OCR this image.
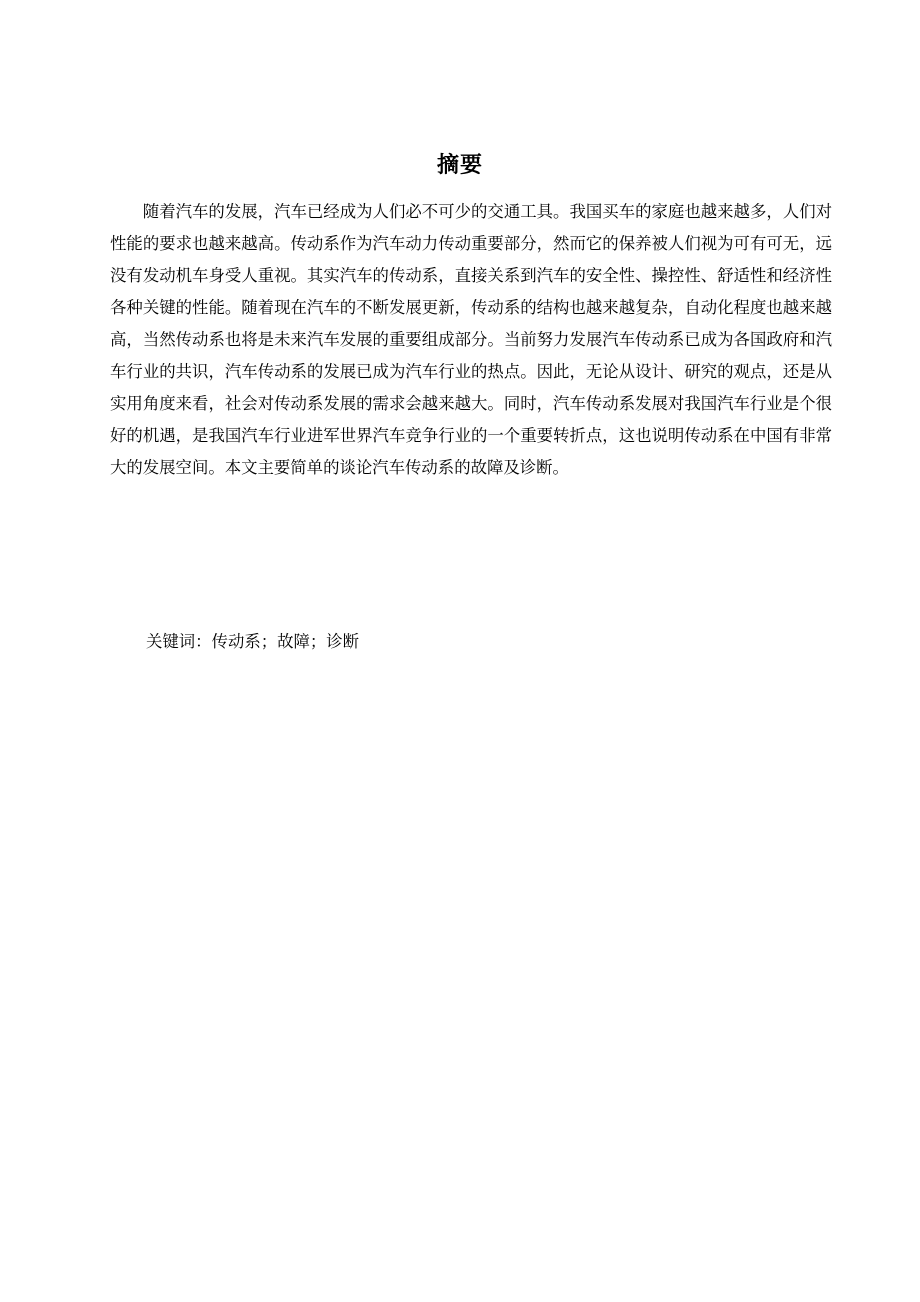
摘要

随着汽车的发展，汽车已经成为人们必不可少的交通工具。我国买车的家庭也越来越多，人们对性能的要求也越来越高。传动系作为汽车动力传动重要部分，然而它的保养被人们视为可有可无，远没有发动机车身受人重视。其实汽车的传动系，直接关系到汽车的安全性、操控性、舒适性和经济性各种关键的性能。随着现在汽车的不断发展更新，传动系的结构也越来越复杂，自动化程度也越来越高，当然传动系也将是未来汽车发展的重要组成部分。当前努力发展汽车传动系已成为各国政府和汽车行业的共识，汽车传动系的发展已成为汽车行业的热点。因此，无论从设计、研究的观点，还是从实用角度来看，社会对传动系发展的需求会越来越大。同时，汽车传动系发展对我国汽车行业是个很好的机遇，是我国汽车行业进军世界汽车竞争行业的一个重要转折点，这也说明传动系在中国有非常大的发展空间。本文主要简单的谈论汽车传动系的故障及诊断。

关键词：传动系；故障；诊断
